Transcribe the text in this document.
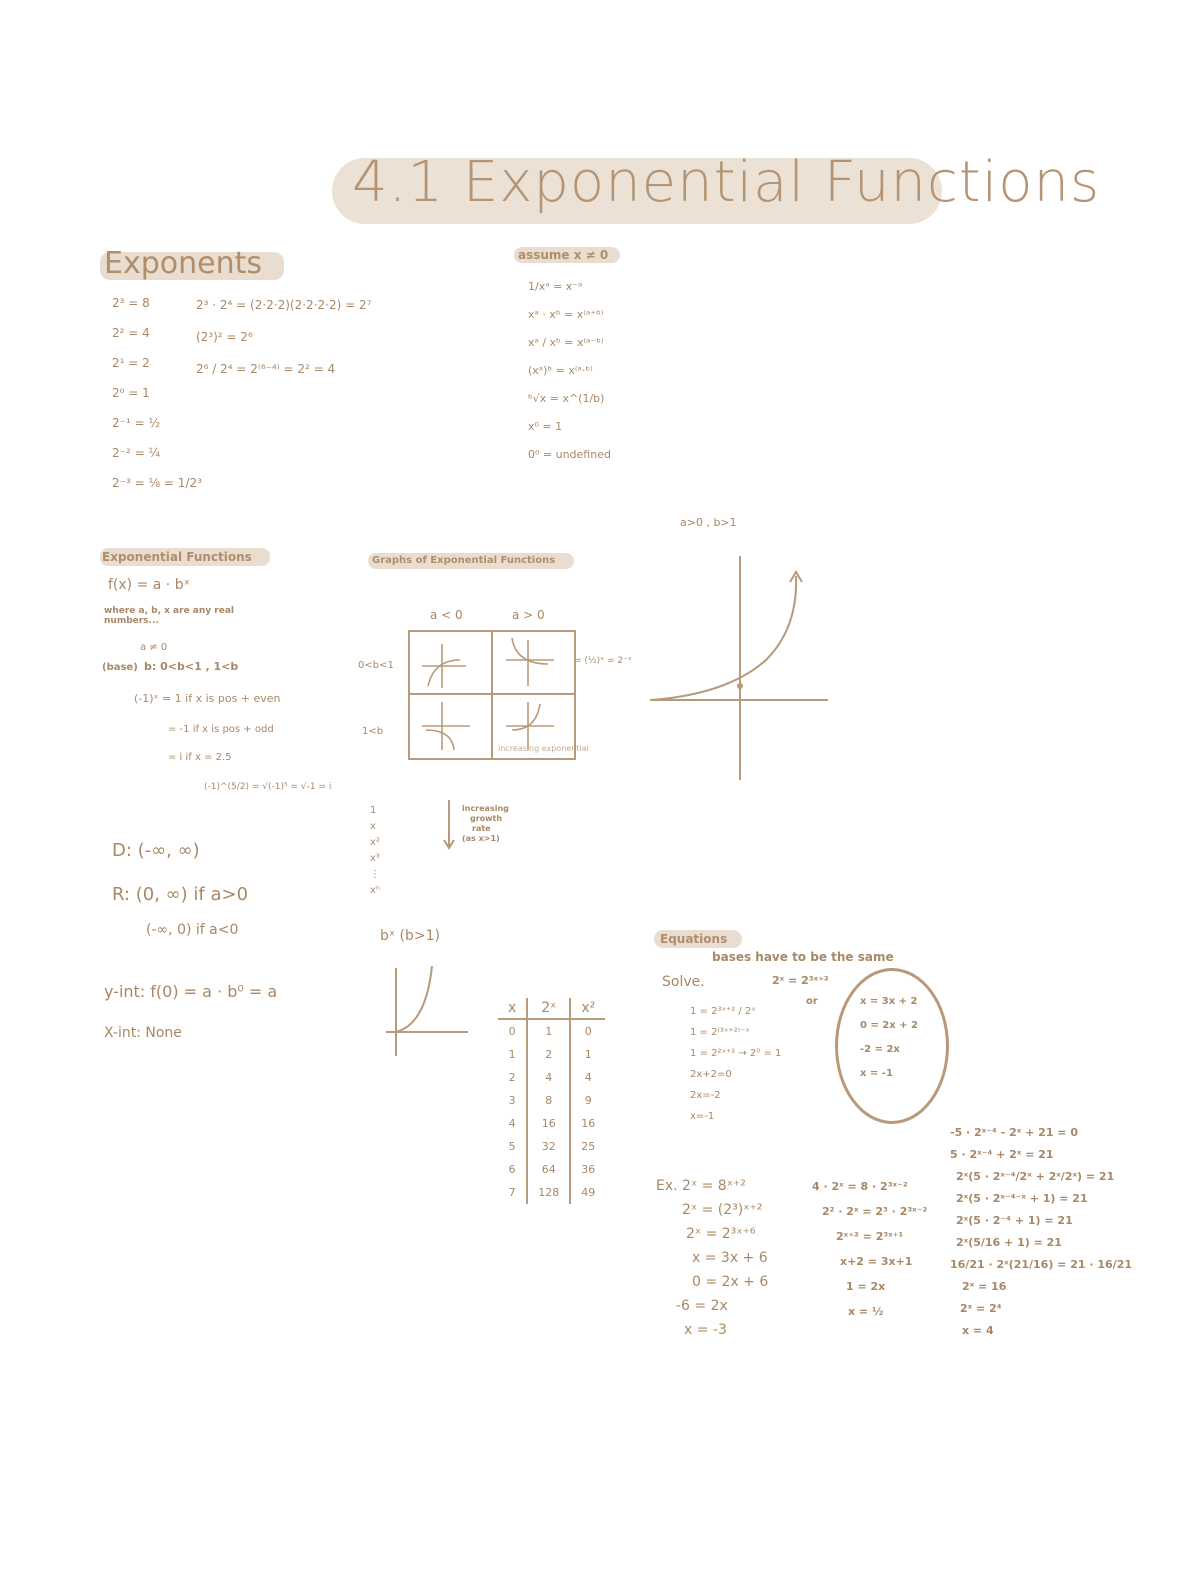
4.1 Exponential Functions
Exponents
2³ = 8
2² = 4
2¹ = 2
2⁰ = 1
2⁻¹ = ½
2⁻² = ¼
2⁻³ = ⅛ = 1/2³
2³ · 2⁴ = (2·2·2)(2·2·2·2) = 2⁷
(2³)² = 2⁶
2⁶ / 2⁴ = 2⁽⁶⁻⁴⁾ = 2² = 4
assume x ≠ 0
1/xᵃ = x⁻ᵃ
xᵃ · xᵇ = x⁽ᵃ⁺ᵇ⁾
xᵃ / xᵇ = x⁽ᵃ⁻ᵇ⁾
(xᵃ)ᵇ = x⁽ᵃ·ᵇ⁾
ᵇ√x = x^(1/b)
x⁰ = 1
0⁰ = undefined
Exponential Functions
f(x) = a · bˣ
where a, b, x are any real numbers...
a ≠ 0
(base) b: 0<b<1 , 1<b
(-1)ˣ = 1 if x is pos + even
= -1 if x is pos + odd
= i if x = 2.5
(-1)^(5/2) = √(-1)⁵ = √-1 = i
D: (-∞, ∞)
R: (0, ∞) if a>0
(-∞, 0) if a<0
y-int: f(0) = a · b⁰ = a
X-int: None
Graphs of Exponential Functions
a < 0	a > 0
0<b<1
1<b
= (½)ˣ = 2⁻ˣ
increasing exponential
1
x
x²
x³
⋮
xⁿ
increasing
growth
rate
(as x>1)
bˣ (b>1)
a>0 , b>1
x	2ˣ	x²
0	1	0
1	2	1
2	4	4
3	8	9
4	16	16
5	32	25
6	64	36
7	128	49
Equations
bases have to be the same
Solve.	2ˣ = 2³ˣ⁺²
or
1 = 2³ˣ⁺² / 2ˣ
1 = 2⁽³ˣ⁺²⁾⁻ˣ
1 = 2²ˣ⁺² → 2⁰ = 1
2x+2=0
2x=-2
x=-1
x = 3x + 2
0 = 2x + 2
-2 = 2x
x = -1
Ex. 2ˣ = 8ˣ⁺²
2ˣ = (2³)ˣ⁺²
2ˣ = 2³ˣ⁺⁶
x = 3x + 6
0 = 2x + 6
-6 = 2x
x = -3
4 · 2ˣ = 8 · 2³ˣ⁻²
2² · 2ˣ = 2³ · 2³ˣ⁻²
2ˣ⁺² = 2³ˣ⁺¹
x+2 = 3x+1
1 = 2x
x = ½
-5 · 2ˣ⁻⁴ - 2ˣ + 21 = 0
5 · 2ˣ⁻⁴ + 2ˣ = 21
2ˣ(5 · 2ˣ⁻⁴/2ˣ + 2ˣ/2ˣ) = 21
2ˣ(5 · 2ˣ⁻⁴⁻ˣ + 1) = 21
2ˣ(5 · 2⁻⁴ + 1) = 21
2ˣ(5/16 + 1) = 21
16/21 · 2ˣ(21/16) = 21 · 16/21
2ˣ = 16
2ˣ = 2⁴
x = 4
